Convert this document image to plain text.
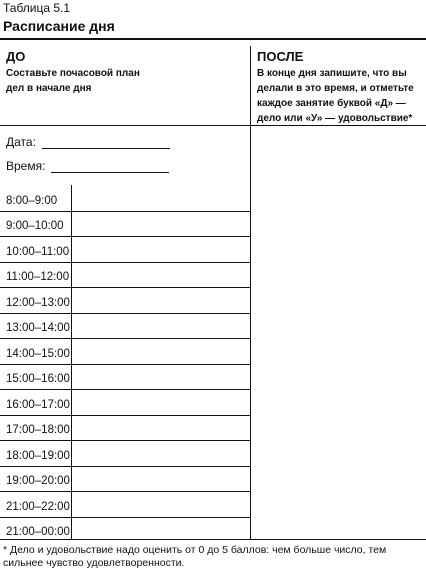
Таблица 5.1
Расписание дня
ДО
Составьте почасовой план дел в начале дня
ПОСЛЕ
В конце дня запишите, что вы делали в это время, и отметьте каждое занятие буквой «Д» — дело или «У» — удовольствие*
Дата:
Время:
8:00–9:00
9:00–10:00
10:00–11:00
11:00–12:00
12:00–13:00
13:00–14:00
14:00–15:00
15:00–16:00
16:00–17:00
17:00–18:00
18:00–19:00
19:00–20:00
21:00–22:00
21:00–00:00
* Дело и удовольствие надо оценить от 0 до 5 баллов: чем больше число, тем сильнее чувство удовлетворенности.
